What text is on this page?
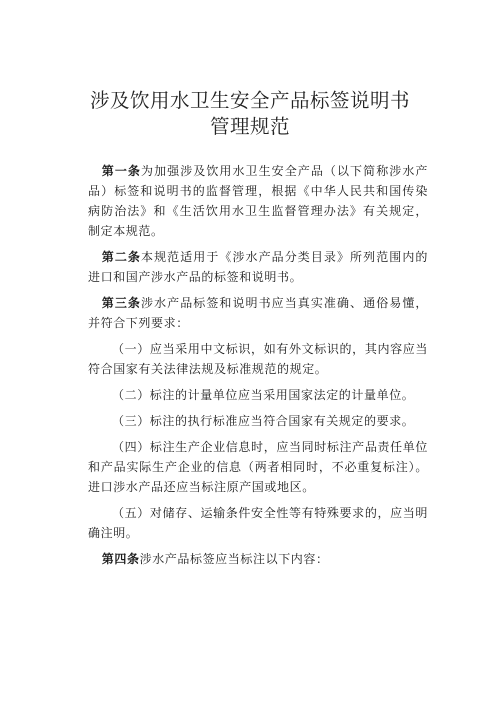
涉及饮用水卫生安全产品标签说明书
管理规范

第一条为加强涉及饮用水卫生安全产品（以下简称涉水产品）标签和说明书的监督管理，根据《中华人民共和国传染病防治法》和《生活饮用水卫生监督管理办法》有关规定，制定本规范。

第二条本规范适用于《涉水产品分类目录》所列范围内的进口和国产涉水产品的标签和说明书。

第三条涉水产品标签和说明书应当真实准确、通俗易懂，并符合下列要求：

（一）应当采用中文标识，如有外文标识的，其内容应当符合国家有关法律法规及标准规范的规定。

（二）标注的计量单位应当采用国家法定的计量单位。

（三）标注的执行标准应当符合国家有关规定的要求。

（四）标注生产企业信息时，应当同时标注产品责任单位和产品实际生产企业的信息（两者相同时，不必重复标注）。进口涉水产品还应当标注原产国或地区。

（五）对储存、运输条件安全性等有特殊要求的，应当明确注明。

第四条涉水产品标签应当标注以下内容：
